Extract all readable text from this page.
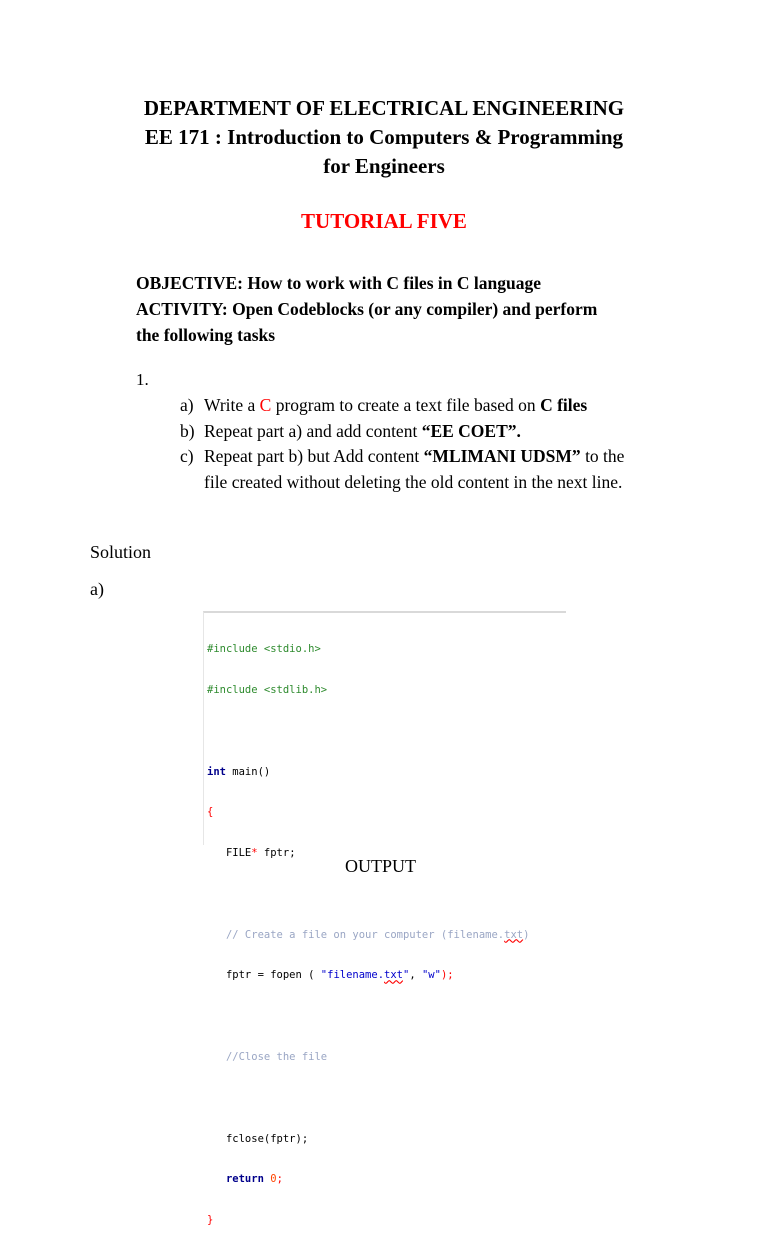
DEPARTMENT OF ELECTRICAL ENGINEERING
EE 171 : Introduction to Computers & Programming
for Engineers
TUTORIAL FIVE
OBJECTIVE: How to work with C files in C language
ACTIVITY: Open Codeblocks (or any compiler) and perform
the following tasks
1.
a) Write a C program to create a text file based on C files
b) Repeat part a) and add content “EE COET”.
c) Repeat part b) but Add content “MLIMANI UDSM” to the
file created without deleting the old content in the next line.
Solution
a)

#include <stdio.h>

#include <stdlib.h>

int main()

{

FILE* fptr;

// Create a file on your computer (filename.txt)

fptr = fopen ( "filename.txt", "w");

//Close the file

fclose(fptr);

return 0;

}

OUTPUT
